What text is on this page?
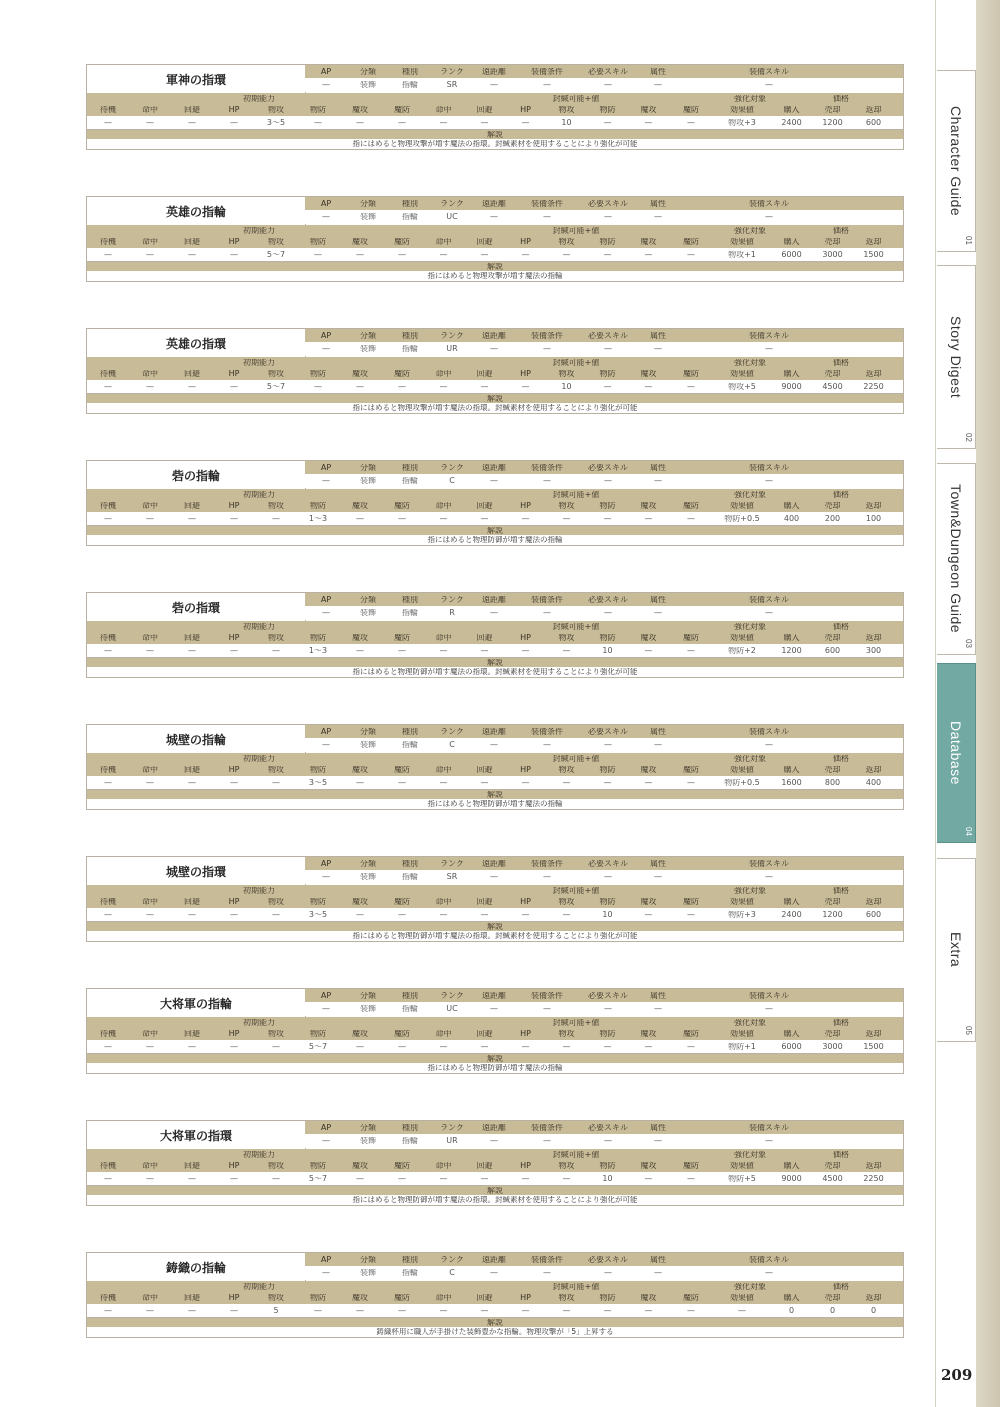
軍神の指環
AP	分類	種別	ランク	遠距離	装備条件	必要スキル	属性	装備スキル
—	装飾	指輪	SR	—	—	—	—	—
初期能力	封緘可能+値	強化対象	価格
待機	命中	回避	HP	物攻	物防	魔攻	魔防	命中	回避	HP	物攻	物防	魔攻	魔防	効果値	購入	売却	返却
—	—	—	—	3～5	—	—	—	—	—	—	10	—	—	—	物攻+3	2400	1200	600
解説
指にはめると物理攻撃が増す魔法の指環。封緘素材を使用することにより強化が可能
英雄の指輪
AP	分類	種別	ランク	遠距離	装備条件	必要スキル	属性	装備スキル
—	装飾	指輪	UC	—	—	—	—	—
初期能力	封緘可能+値	強化対象	価格
待機	命中	回避	HP	物攻	物防	魔攻	魔防	命中	回避	HP	物攻	物防	魔攻	魔防	効果値	購入	売却	返却
—	—	—	—	5～7	—	—	—	—	—	—	—	—	—	—	物攻+1	6000	3000	1500
解説
指にはめると物理攻撃が増す魔法の指輪
英雄の指環
AP	分類	種別	ランク	遠距離	装備条件	必要スキル	属性	装備スキル
—	装飾	指輪	UR	—	—	—	—	—
初期能力	封緘可能+値	強化対象	価格
待機	命中	回避	HP	物攻	物防	魔攻	魔防	命中	回避	HP	物攻	物防	魔攻	魔防	効果値	購入	売却	返却
—	—	—	—	5～7	—	—	—	—	—	—	10	—	—	—	物攻+5	9000	4500	2250
解説
指にはめると物理攻撃が増す魔法の指環。封緘素材を使用することにより強化が可能
砦の指輪
AP	分類	種別	ランク	遠距離	装備条件	必要スキル	属性	装備スキル
—	装飾	指輪	C	—	—	—	—	—
初期能力	封緘可能+値	強化対象	価格
待機	命中	回避	HP	物攻	物防	魔攻	魔防	命中	回避	HP	物攻	物防	魔攻	魔防	効果値	購入	売却	返却
—	—	—	—	—	1～3	—	—	—	—	—	—	—	—	—	物防+0.5	400	200	100
解説
指にはめると物理防御が増す魔法の指輪
砦の指環
AP	分類	種別	ランク	遠距離	装備条件	必要スキル	属性	装備スキル
—	装飾	指輪	R	—	—	—	—	—
初期能力	封緘可能+値	強化対象	価格
待機	命中	回避	HP	物攻	物防	魔攻	魔防	命中	回避	HP	物攻	物防	魔攻	魔防	効果値	購入	売却	返却
—	—	—	—	—	1～3	—	—	—	—	—	—	10	—	—	物防+2	1200	600	300
解説
指にはめると物理防御が増す魔法の指環。封緘素材を使用することにより強化が可能
城壁の指輪
AP	分類	種別	ランク	遠距離	装備条件	必要スキル	属性	装備スキル
—	装飾	指輪	C	—	—	—	—	—
初期能力	封緘可能+値	強化対象	価格
待機	命中	回避	HP	物攻	物防	魔攻	魔防	命中	回避	HP	物攻	物防	魔攻	魔防	効果値	購入	売却	返却
—	—	—	—	—	3～5	—	—	—	—	—	—	—	—	—	物防+0.5	1600	800	400
解説
指にはめると物理防御が増す魔法の指輪
城壁の指環
AP	分類	種別	ランク	遠距離	装備条件	必要スキル	属性	装備スキル
—	装飾	指輪	SR	—	—	—	—	—
初期能力	封緘可能+値	強化対象	価格
待機	命中	回避	HP	物攻	物防	魔攻	魔防	命中	回避	HP	物攻	物防	魔攻	魔防	効果値	購入	売却	返却
—	—	—	—	—	3～5	—	—	—	—	—	—	10	—	—	物防+3	2400	1200	600
解説
指にはめると物理防御が増す魔法の指環。封緘素材を使用することにより強化が可能
大将軍の指輪
AP	分類	種別	ランク	遠距離	装備条件	必要スキル	属性	装備スキル
—	装飾	指輪	UC	—	—	—	—	—
初期能力	封緘可能+値	強化対象	価格
待機	命中	回避	HP	物攻	物防	魔攻	魔防	命中	回避	HP	物攻	物防	魔攻	魔防	効果値	購入	売却	返却
—	—	—	—	—	5～7	—	—	—	—	—	—	—	—	—	物防+1	6000	3000	1500
解説
指にはめると物理防御が増す魔法の指輪
大将軍の指環
AP	分類	種別	ランク	遠距離	装備条件	必要スキル	属性	装備スキル
—	装飾	指輪	UR	—	—	—	—	—
初期能力	封緘可能+値	強化対象	価格
待機	命中	回避	HP	物攻	物防	魔攻	魔防	命中	回避	HP	物攻	物防	魔攻	魔防	効果値	購入	売却	返却
—	—	—	—	—	5～7	—	—	—	—	—	—	10	—	—	物防+5	9000	4500	2250
解説
指にはめると物理防御が増す魔法の指環。封緘素材を使用することにより強化が可能
鋳織の指輪
AP	分類	種別	ランク	遠距離	装備条件	必要スキル	属性	装備スキル
—	装飾	指輪	C	—	—	—	—	—
初期能力	封緘可能+値	強化対象	価格
待機	命中	回避	HP	物攻	物防	魔攻	魔防	命中	回避	HP	物攻	物防	魔攻	魔防	効果値	購入	売却	返却
—	—	—	—	5	—	—	—	—	—	—	—	—	—	—	—	0	0	0
解説
鋳織杯用に職人が手掛けた装飾豊かな指輪。物理攻撃が「5」上昇する
Character Guide
01
Story Digest
02
Town&Dungeon Guide
03
Database
04
Extra
05
209
